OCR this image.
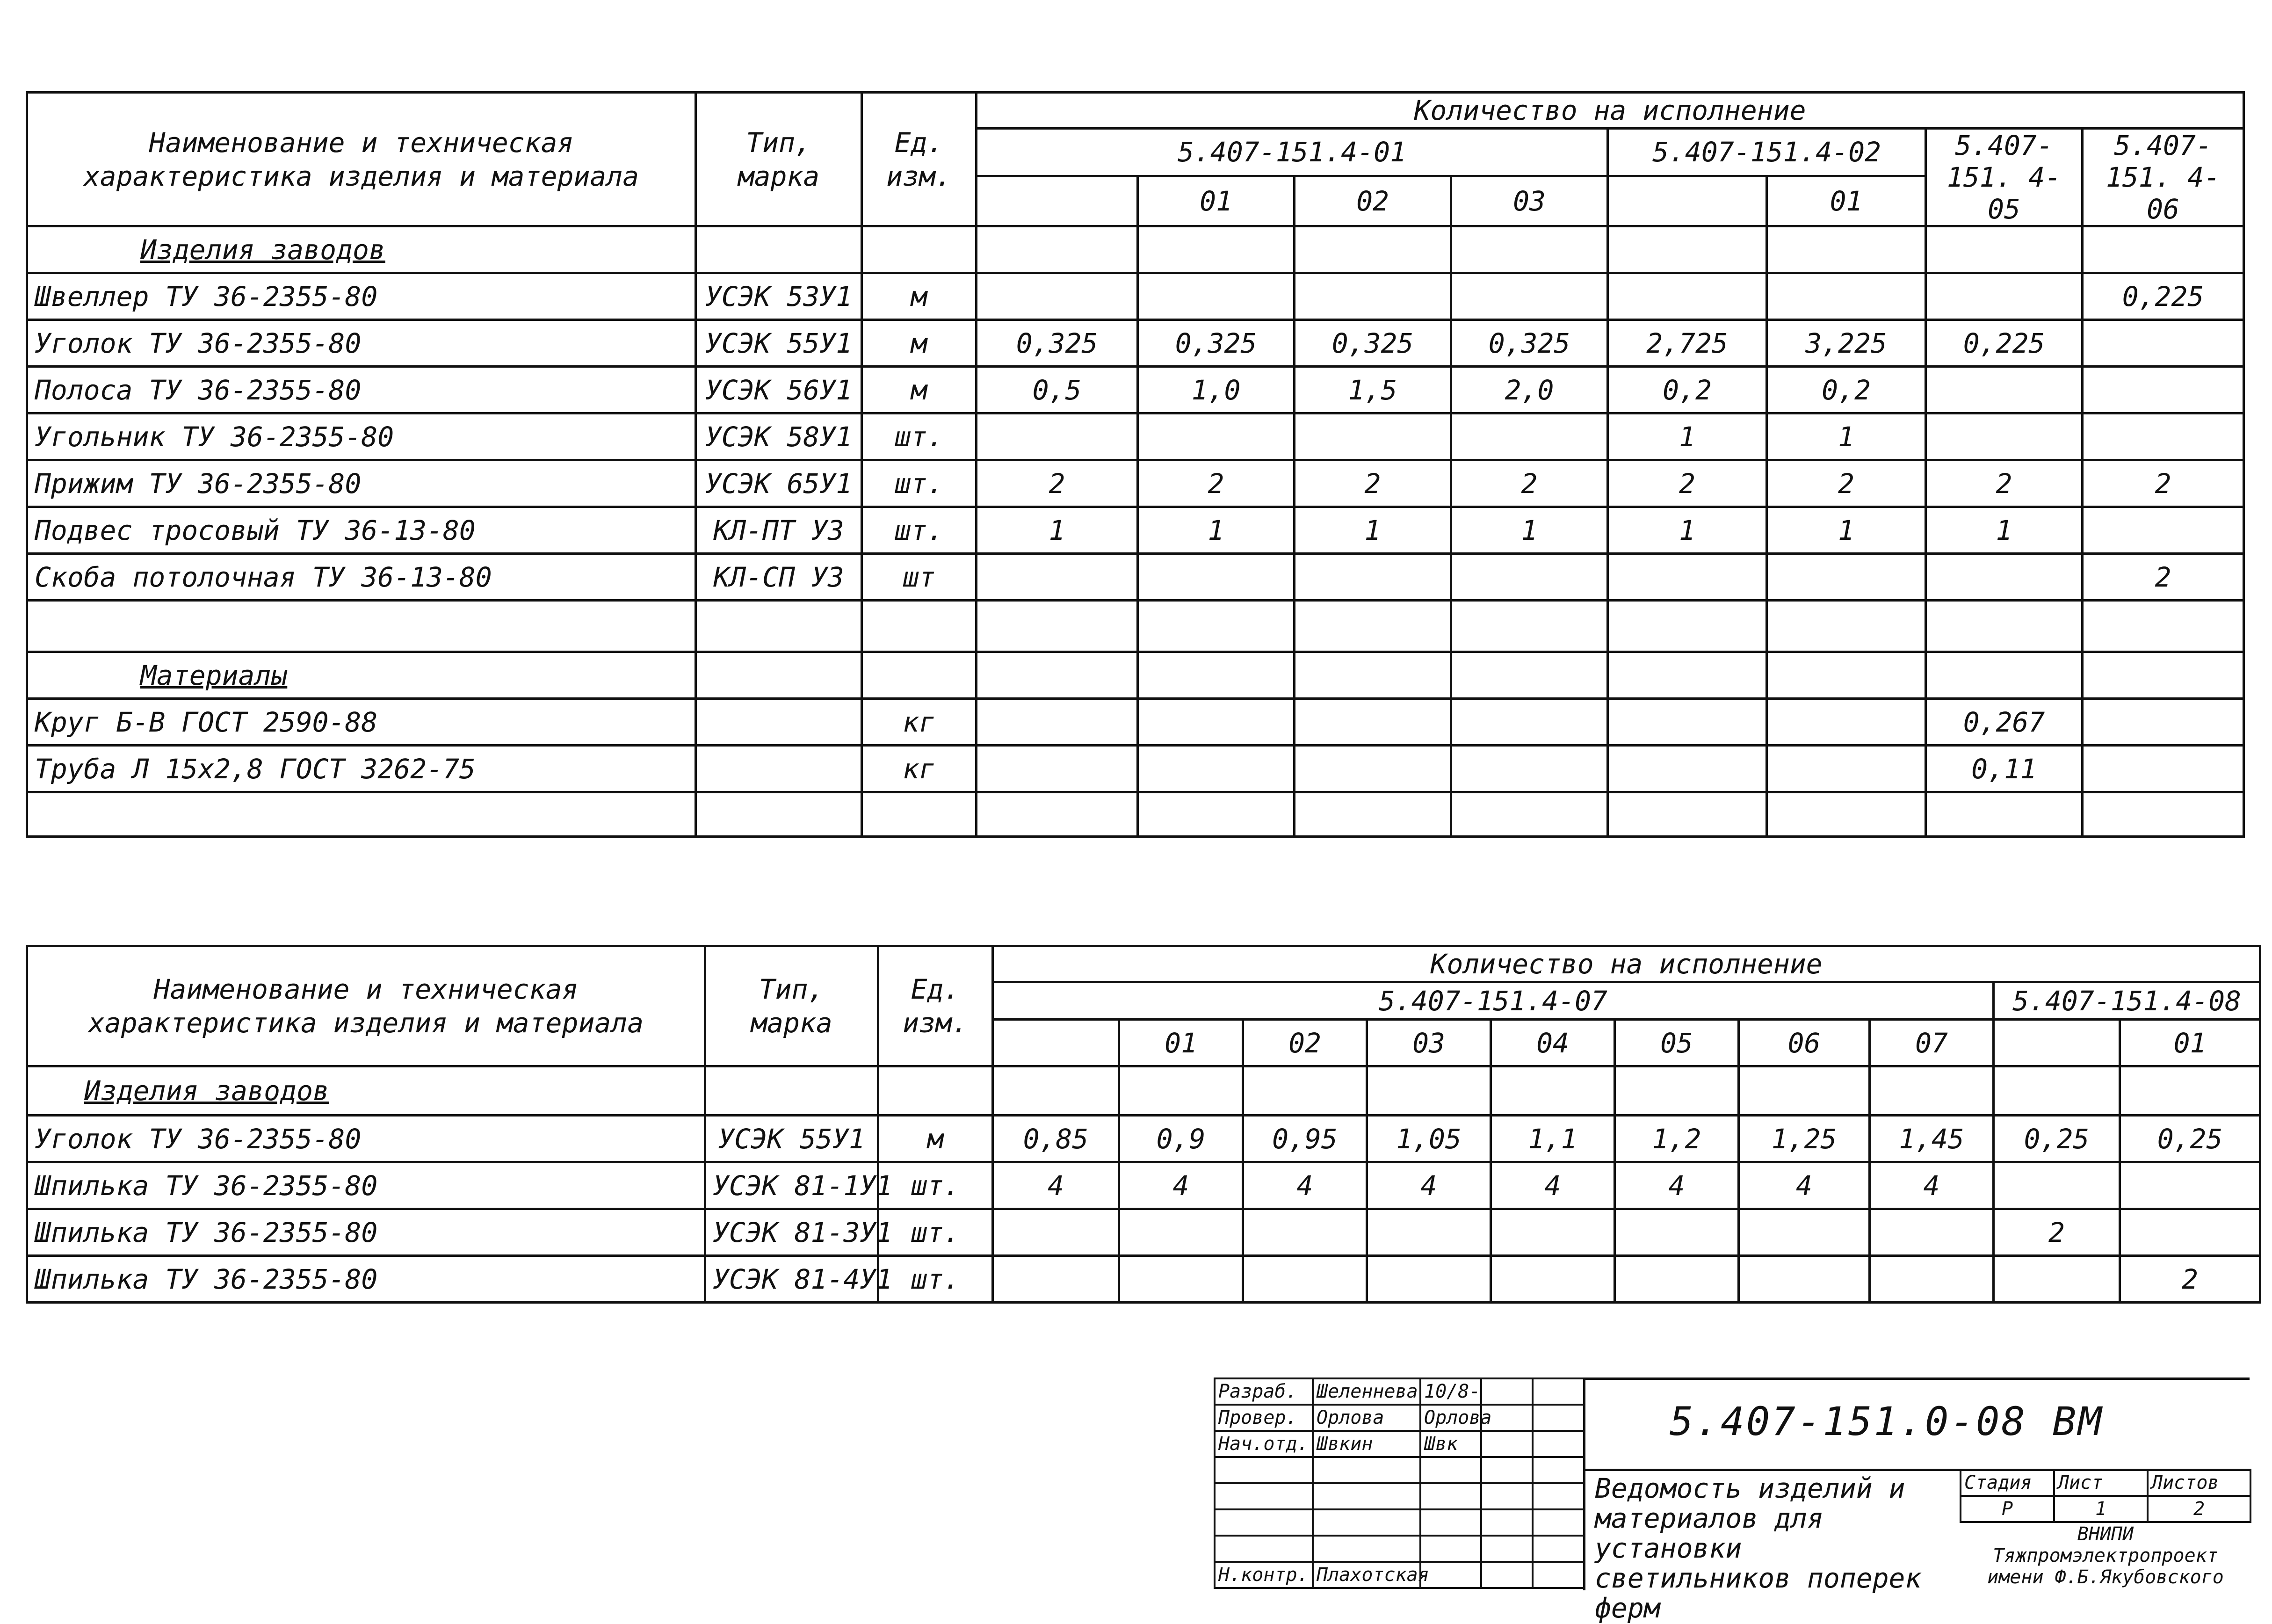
Наименование и техническая характеристика изделия и материала	Тип, марка	Ед. изм.	Количество на исполнение							
			5.407-151.4-01				5.407-151.4-02		5.407-151. 4-05	5.407-151. 4-06
				01	02	03		01		
Изделия заводов										
Швеллер ТУ 36-2355-80	УСЭК 53У1	м								0,225
Уголок ТУ 36-2355-80	УСЭК 55У1	м	0,325	0,325	0,325	0,325	2,725	3,225	0,225	
Полоса ТУ 36-2355-80	УСЭК 56У1	м	0,5	1,0	1,5	2,0	0,2	0,2		
Угольник ТУ 36-2355-80	УСЭК 58У1	шт.					1	1		
Прижим ТУ 36-2355-80	УСЭК 65У1	шт.	2	2	2	2	2	2	2	2
Подвес тросовый ТУ 36-13-80	КЛ-ПТ У3	шт.	1	1	1	1	1	1	1	
Скоба потолочная ТУ 36-13-80	КЛ-СП У3	шт								2

Материалы										
Круг Б-В ГОСТ 2590-88		кг							0,267	
Труба Л 15х2,8 ГОСТ 3262-75		кг							0,11	

Наименование и техническая характеристика изделия и материала	Тип, марка	Ед. изм.	Количество на исполнение									
			5.407-151.4-07								5.407-151.4-08	
				01	02	03	04	05	06	07		01
Изделия заводов												
Уголок ТУ 36-2355-80	УСЭК 55У1	м	0,85	0,9	0,95	1,05	1,1	1,2	1,25	1,45	0,25	0,25
Шпилька ТУ 36-2355-80	УСЭК 81-1У1	шт.	4	4	4	4	4	4	4	4		
Шпилька ТУ 36-2355-80	УСЭК 81-3У1	шт.									2	
Шпилька ТУ 36-2355-80	УСЭК 81-4У1	шт.										2
Разраб.	Шеленнева	10/8-		
Провер.	Орлова	Орлова		
Нач.отд.	Швкин	Швк		

Н.контр.	Плахотская			
5.407-151.0-08 ВМ
Ведомость изделий и материалов для установки светильников поперек ферм
Стадия	Лист	Листов
Р	1	2
ВНИПИ Тяжпромэлектропроект имени Ф.Б.Якубовского		
